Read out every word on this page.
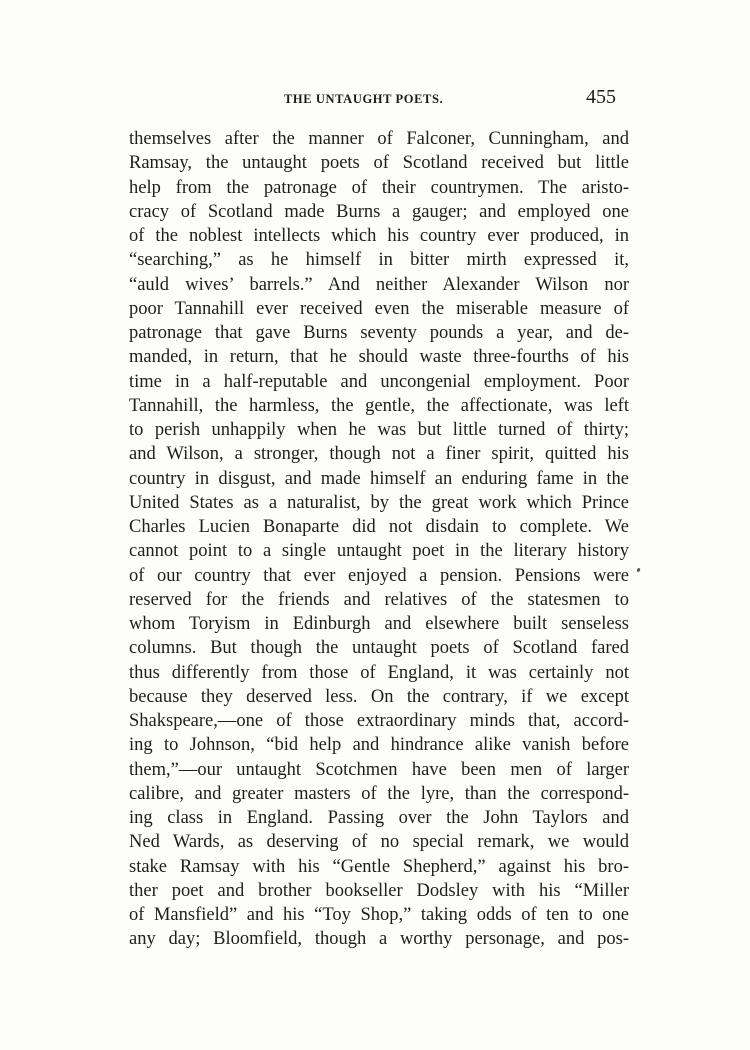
THE UNTAUGHT POETS.	455
themselves after the manner of Falconer, Cunningham, and
Ramsay, the untaught poets of Scotland received but little
help from the patronage of their countrymen. The aristo-
cracy of Scotland made Burns a gauger; and employed one
of the noblest intellects which his country ever produced, in
“searching,” as he himself in bitter mirth expressed it,
“auld wives’ barrels.” And neither Alexander Wilson nor
poor Tannahill ever received even the miserable measure of
patronage that gave Burns seventy pounds a year, and de-
manded, in return, that he should waste three-fourths of his
time in a half-reputable and uncongenial employment. Poor
Tannahill, the harmless, the gentle, the affectionate, was left
to perish unhappily when he was but little turned of thirty;
and Wilson, a stronger, though not a finer spirit, quitted his
country in disgust, and made himself an enduring fame in the
United States as a naturalist, by the great work which Prince
Charles Lucien Bonaparte did not disdain to complete. We
cannot point to a single untaught poet in the literary history
of our country that ever enjoyed a pension. Pensions were
reserved for the friends and relatives of the statesmen to
whom Toryism in Edinburgh and elsewhere built senseless
columns. But though the untaught poets of Scotland fared
thus differently from those of England, it was certainly not
because they deserved less. On the contrary, if we except
Shakspeare,—one of those extraordinary minds that, accord-
ing to Johnson, “bid help and hindrance alike vanish before
them,”—our untaught Scotchmen have been men of larger
calibre, and greater masters of the lyre, than the correspond-
ing class in England. Passing over the John Taylors and
Ned Wards, as deserving of no special remark, we would
stake Ramsay with his “Gentle Shepherd,” against his bro-
ther poet and brother bookseller Dodsley with his “Miller
of Mansfield” and his “Toy Shop,” taking odds of ten to one
any day; Bloomfield, though a worthy personage, and pos-
